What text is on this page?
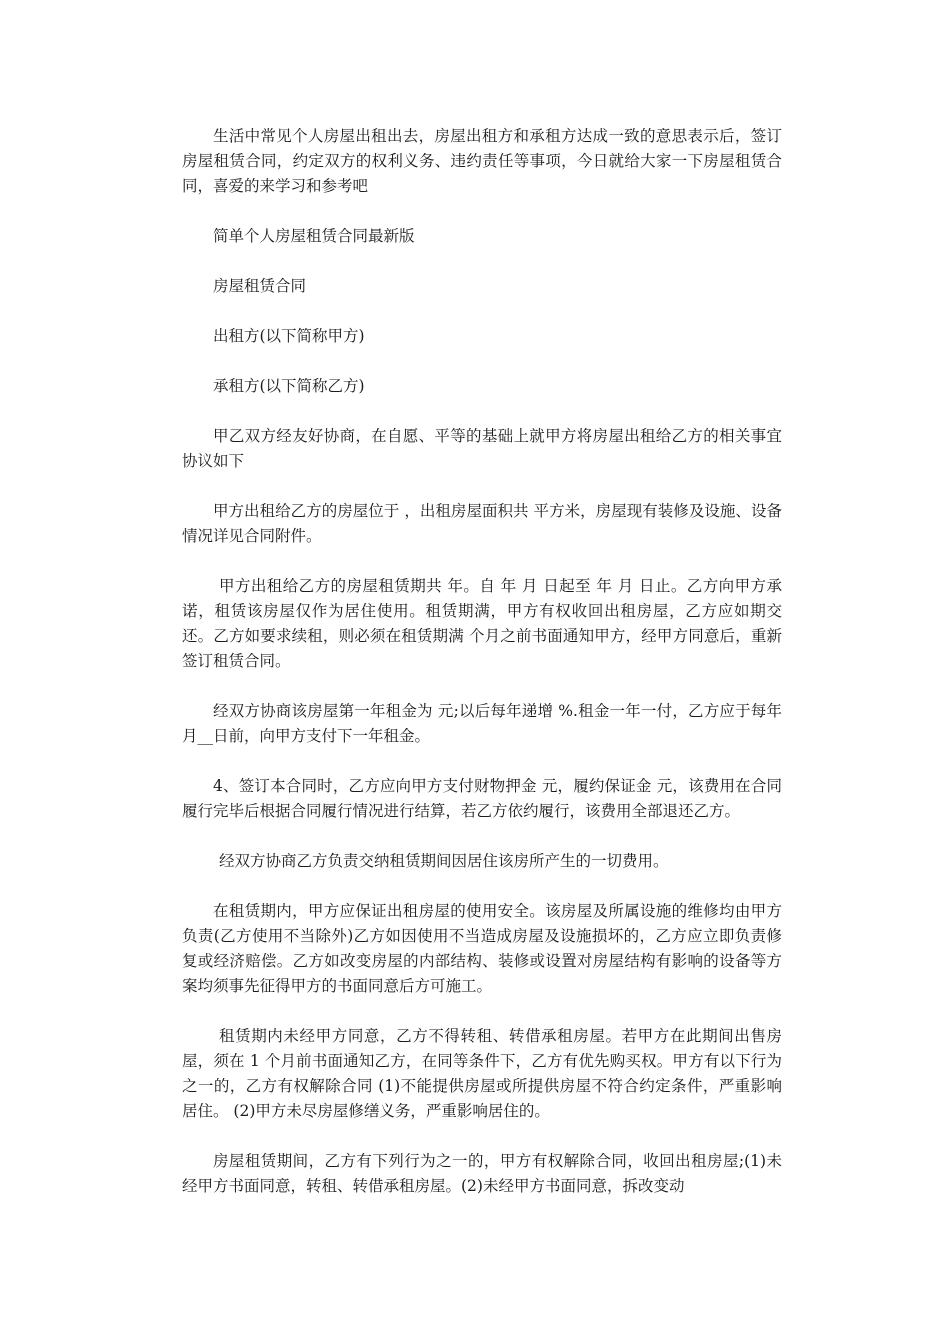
生活中常见个人房屋出租出去，房屋出租方和承租方达成一致的意思表示后，签订房屋租赁合同，约定双方的权利义务、违约责任等事项，今日就给大家一下房屋租赁合同，喜爱的来学习和参考吧

简单个人房屋租赁合同最新版

房屋租赁合同

出租方(以下简称甲方)

承租方(以下简称乙方)

甲乙双方经友好协商，在自愿、平等的基础上就甲方将房屋出租给乙方的相关事宜协议如下

甲方出租给乙方的房屋位于 ，出租房屋面积共 平方米，房屋现有装修及设施、设备情况详见合同附件。

甲方出租给乙方的房屋租赁期共 年。自 年 月 日起至 年 月 日止。乙方向甲方承诺，租赁该房屋仅作为居住使用。租赁期满，甲方有权收回出租房屋，乙方应如期交还。乙方如要求续租，则必须在租赁期满 个月之前书面通知甲方，经甲方同意后，重新签订租赁合同。

经双方协商该房屋第一年租金为 元;以后每年递增 %.租金一年一付，乙方应于每年 月__日前，向甲方支付下一年租金。

4、签订本合同时，乙方应向甲方支付财物押金 元，履约保证金 元，该费用在合同履行完毕后根据合同履行情况进行结算，若乙方依约履行，该费用全部退还乙方。

经双方协商乙方负责交纳租赁期间因居住该房所产生的一切费用。

在租赁期内，甲方应保证出租房屋的使用安全。该房屋及所属设施的维修均由甲方负责(乙方使用不当除外)乙方如因使用不当造成房屋及设施损坏的，乙方应立即负责修复或经济赔偿。乙方如改变房屋的内部结构、装修或设置对房屋结构有影响的设备等方案均须事先征得甲方的书面同意后方可施工。

租赁期内未经甲方同意，乙方不得转租、转借承租房屋。若甲方在此期间出售房屋，须在 1 个月前书面通知乙方，在同等条件下，乙方有优先购买权。甲方有以下行为之一的，乙方有权解除合同 (1)不能提供房屋或所提供房屋不符合约定条件，严重影响居住。 (2)甲方未尽房屋修缮义务，严重影响居住的。

房屋租赁期间，乙方有下列行为之一的，甲方有权解除合同，收回出租房屋;(1)未经甲方书面同意，转租、转借承租房屋。(2)未经甲方书面同意，拆改变动
